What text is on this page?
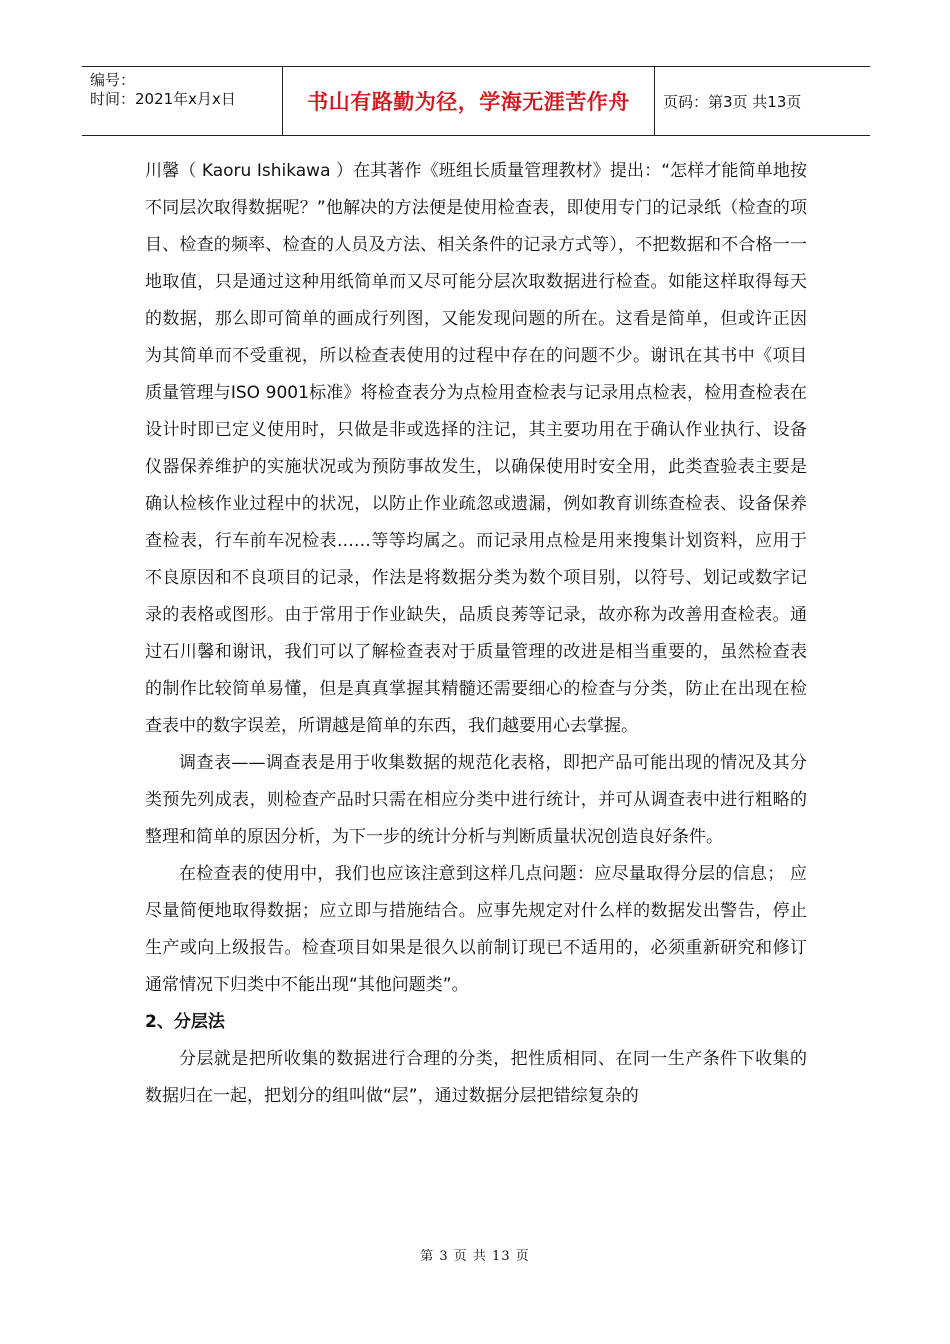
编号：
时间：2021年x月x日	书山有路勤为径，学海无涯苦作舟	页码：第3页 共13页

川馨（ Kaoru Ishikawa ）在其著作《班组长质量管理教材》提出：“怎样才能简单地按不同层次取得数据呢？”他解决的方法便是使用检查表，即使用专门的记录纸（检查的项目、检查的频率、检查的人员及方法、相关条件的记录方式等），不把数据和不合格一一地取值，只是通过这种用纸简单而又尽可能分层次取数据进行检查。如能这样取得每天的数据，那么即可简单的画成行列图，又能发现问题的所在。这看是简单，但或许正因为其简单而不受重视，所以检查表使用的过程中存在的问题不少。谢讯在其书中《项目质量管理与ISO 9001标准》将检查表分为点检用查检表与记录用点检表，检用查检表在设计时即已定义使用时，只做是非或选择的注记，其主要功用在于确认作业执行、设备仪器保养维护的实施状况或为预防事故发生，以确保使用时安全用，此类查验表主要是确认检核作业过程中的状况，以防止作业疏忽或遗漏，例如教育训练查检表、设备保养查检表，行车前车况检表……等等均属之。而记录用点检是用来搜集计划资料，应用于不良原因和不良项目的记录，作法是将数据分类为数个项目别，以符号、划记或数字记录的表格或图形。由于常用于作业缺失，品质良莠等记录，故亦称为改善用查检表。通过石川馨和谢讯，我们可以了解检查表对于质量管理的改进是相当重要的，虽然检查表的制作比较简单易懂，但是真真掌握其精髓还需要细心的检查与分类，防止在出现在检查表中的数字误差，所谓越是简单的东西，我们越要用心去掌握。

调查表——调查表是用于收集数据的规范化表格，即把产品可能出现的情况及其分类预先列成表，则检查产品时只需在相应分类中进行统计，并可从调查表中进行粗略的整理和简单的原因分析，为下一步的统计分析与判断质量状况创造良好条件。

在检查表的使用中，我们也应该注意到这样几点问题：应尽量取得分层的信息； 应尽量简便地取得数据；应立即与措施结合。应事先规定对什么样的数据发出警告，停止生产或向上级报告。检查项目如果是很久以前制订现已不适用的，必须重新研究和修订通常情况下归类中不能出现“其他问题类”。

2、分层法

分层就是把所收集的数据进行合理的分类，把性质相同、在同一生产条件下收集的数据归在一起，把划分的组叫做“层”，通过数据分层把错综复杂的

第 3 页 共 13 页
